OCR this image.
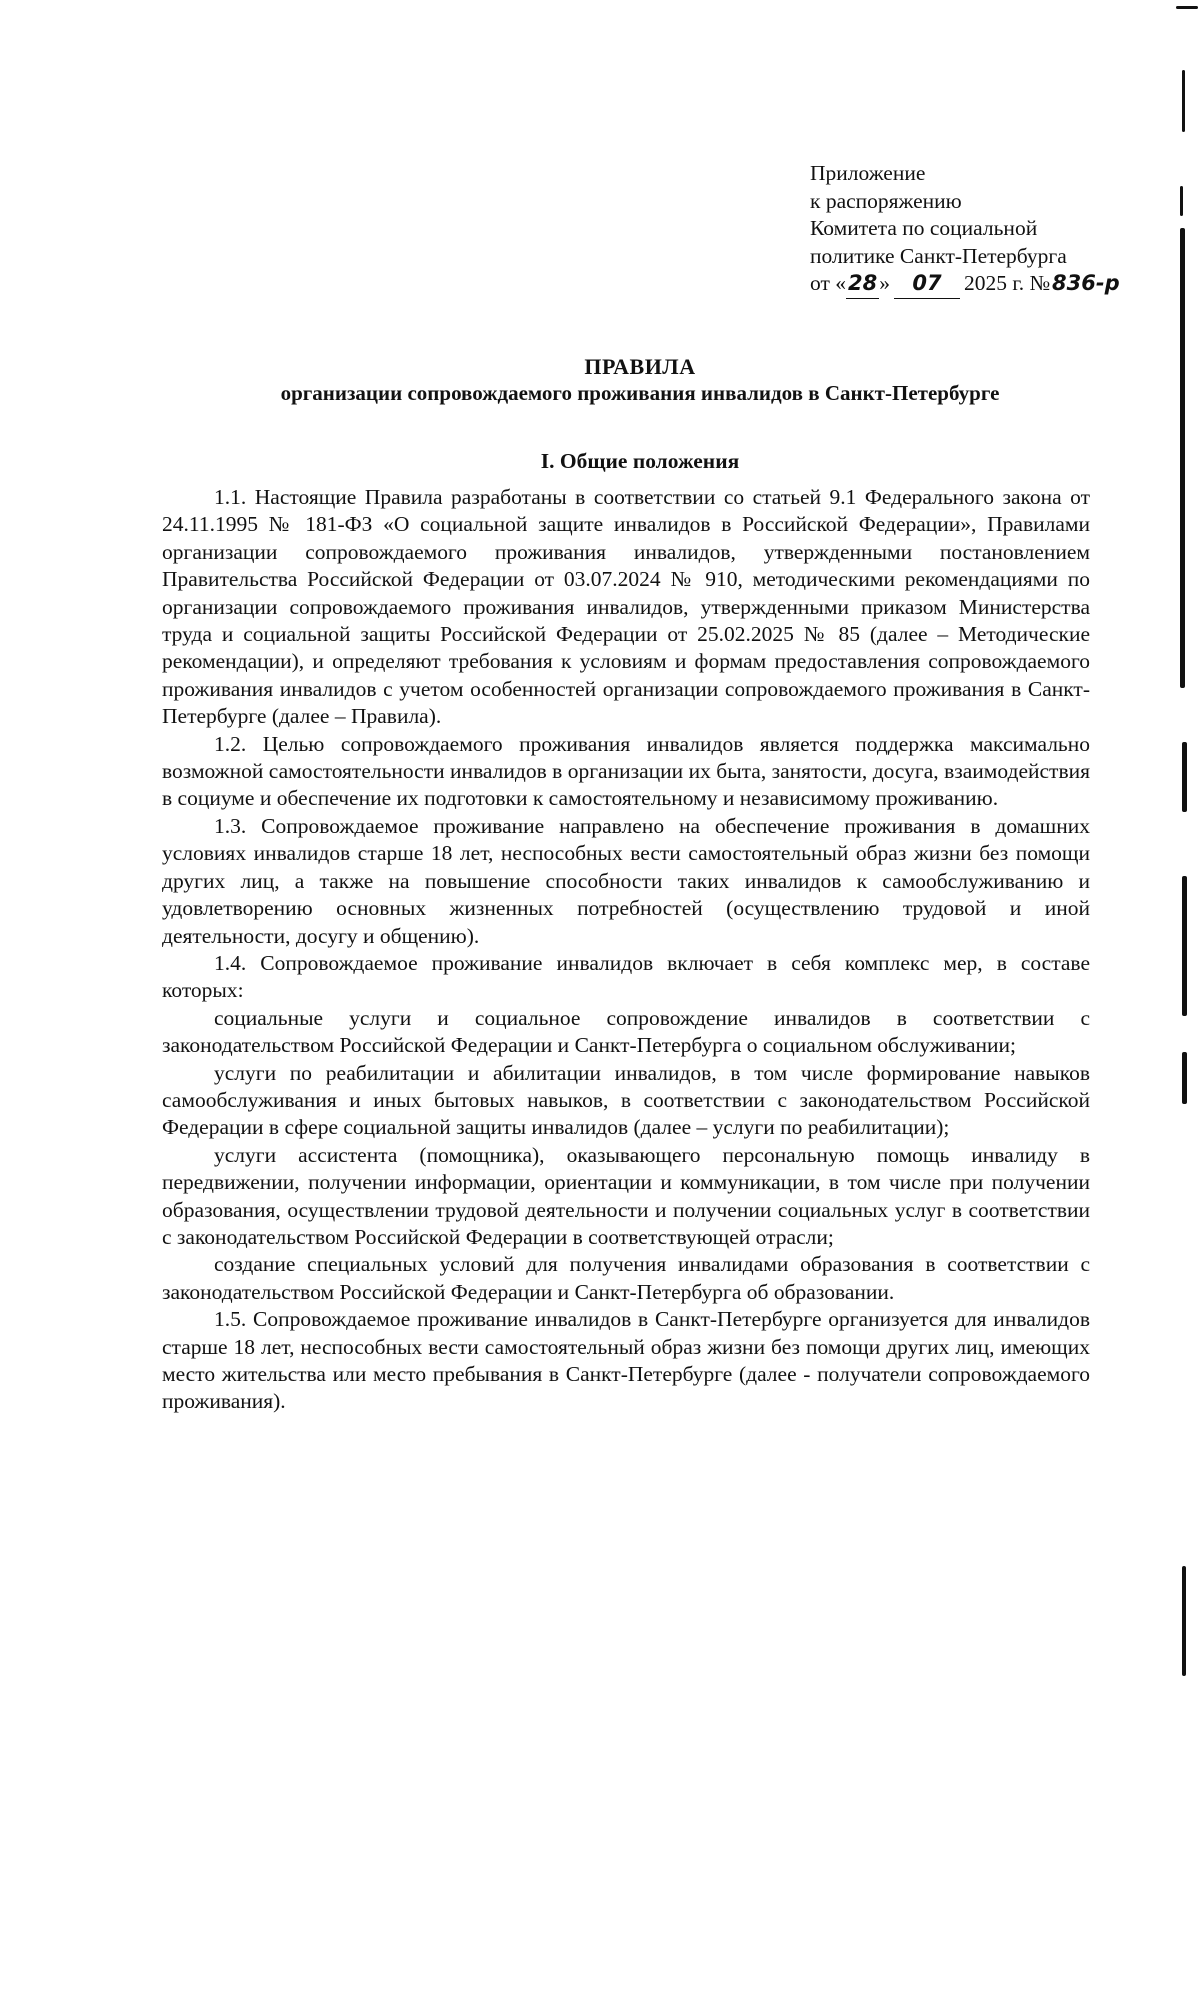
Приложение
к распоряжению
Комитета по социальной
политике Санкт-Петербурга
от «28» 07 2025 г. №836-р
ПРАВИЛА
организации сопровождаемого проживания инвалидов в Санкт-Петербурге
I. Общие положения

1.1. Настоящие Правила разработаны в соответствии со статьей 9.1 Федерального закона от 24.11.1995 № 181-ФЗ «О социальной защите инвалидов в Российской Федерации», Правилами организации сопровождаемого проживания инвалидов, утвержденными постановлением Правительства Российской Федерации от 03.07.2024 № 910, методическими рекомендациями по организации сопровождаемого проживания инвалидов, утвержденными приказом Министерства труда и социальной защиты Российской Федерации от 25.02.2025 № 85 (далее – Методические рекомендации), и определяют требования к условиям и формам предоставления сопровождаемого проживания инвалидов с учетом особенностей организации сопровождаемого проживания в Санкт-Петербурге (далее – Правила).

1.2. Целью сопровождаемого проживания инвалидов является поддержка максимально возможной самостоятельности инвалидов в организации их быта, занятости, досуга, взаимодействия в социуме и обеспечение их подготовки к самостоятельному и независимому проживанию.

1.3. Сопровождаемое проживание направлено на обеспечение проживания в домашних условиях инвалидов старше 18 лет, неспособных вести самостоятельный образ жизни без помощи других лиц, а также на повышение способности таких инвалидов к самообслуживанию и удовлетворению основных жизненных потребностей (осуществлению трудовой и иной деятельности, досугу и общению).

1.4. Сопровождаемое проживание инвалидов включает в себя комплекс мер, в составе которых:

социальные услуги и социальное сопровождение инвалидов в соответствии с законодательством Российской Федерации и Санкт-Петербурга о социальном обслуживании;

услуги по реабилитации и абилитации инвалидов, в том числе формирование навыков самообслуживания и иных бытовых навыков, в соответствии с законодательством Российской Федерации в сфере социальной защиты инвалидов (далее – услуги по реабилитации);

услуги ассистента (помощника), оказывающего персональную помощь инвалиду в передвижении, получении информации, ориентации и коммуникации, в том числе при получении образования, осуществлении трудовой деятельности и получении социальных услуг в соответствии с законодательством Российской Федерации в соответствующей отрасли;

создание специальных условий для получения инвалидами образования в соответствии с законодательством Российской Федерации и Санкт-Петербурга об образовании.

1.5. Сопровождаемое проживание инвалидов в Санкт-Петербурге организуется для инвалидов старше 18 лет, неспособных вести самостоятельный образ жизни без помощи других лиц, имеющих место жительства или место пребывания в Санкт-Петербурге (далее - получатели сопровождаемого проживания).
